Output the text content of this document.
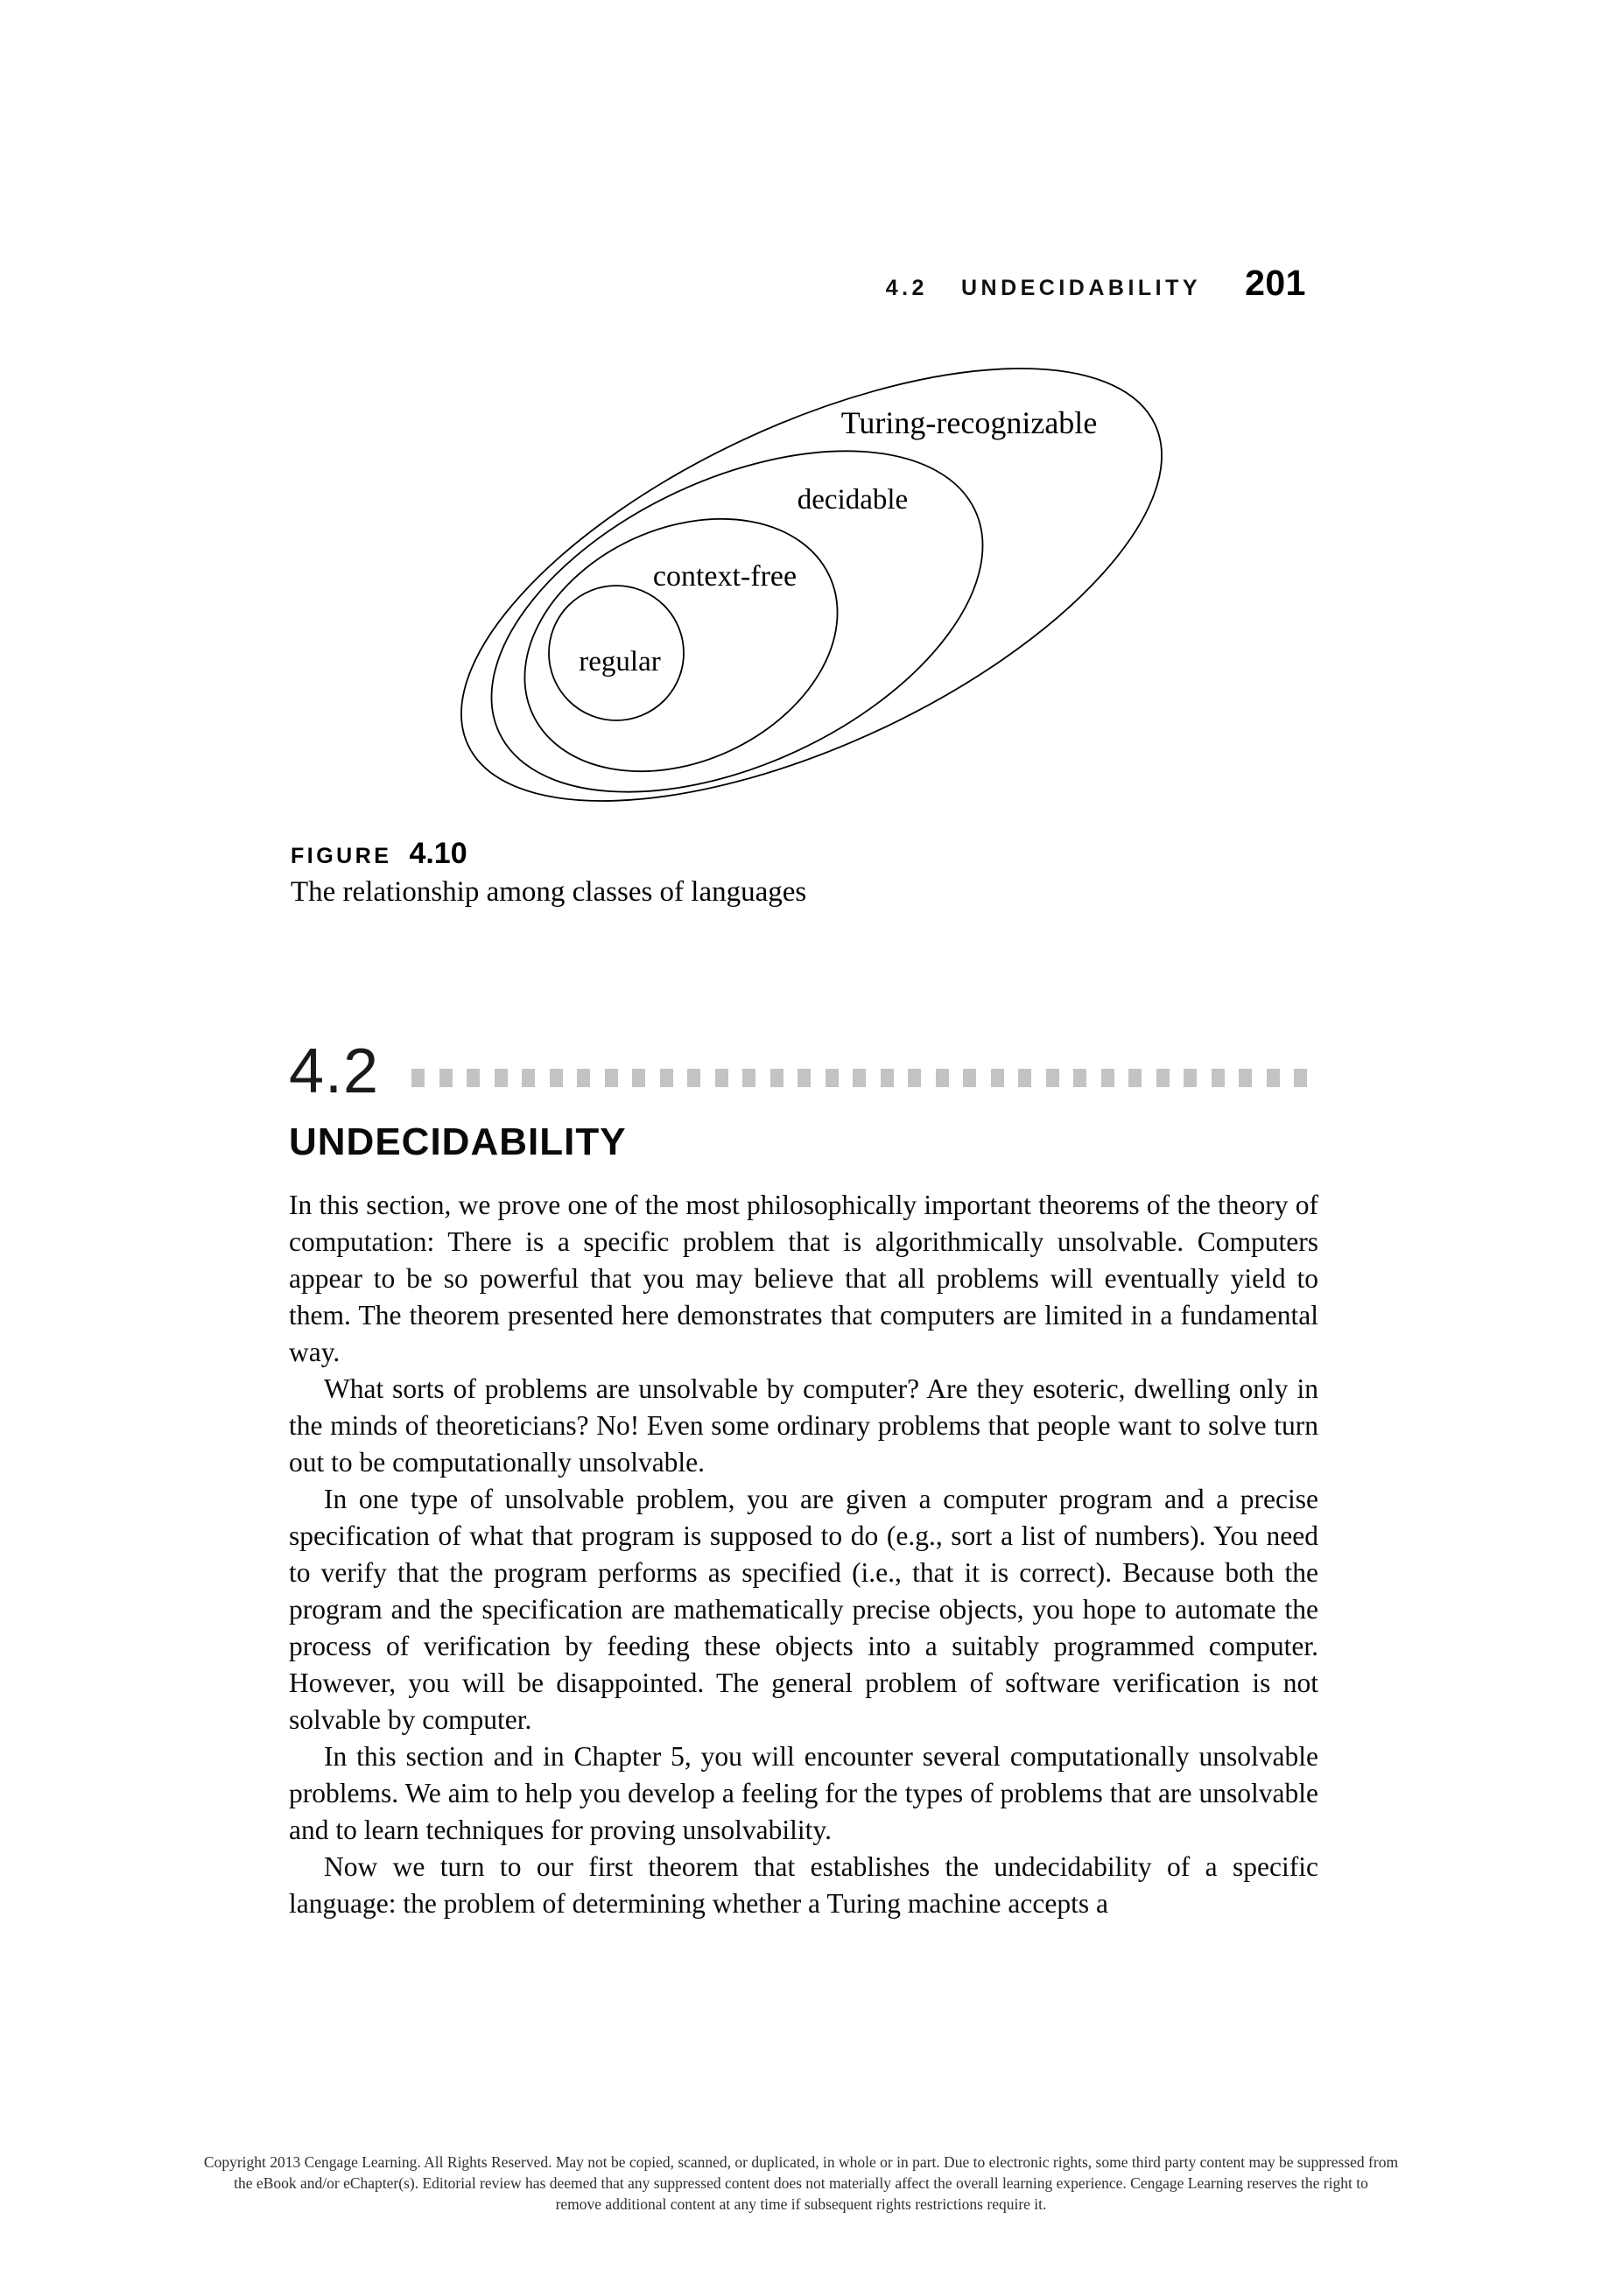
4.2 UNDECIDABILITY 201
Turing-recognizable
decidable
context-free
regular
FIGURE 4.10
The relationship among classes of languages
4.2
UNDECIDABILITY

In this section, we prove one of the most philosophically important theorems of the theory of computation: There is a specific problem that is algorithmically unsolvable. Computers appear to be so powerful that you may believe that all problems will eventually yield to them. The theorem presented here demonstrates that computers are limited in a fundamental way.

What sorts of problems are unsolvable by computer? Are they esoteric, dwelling only in the minds of theoreticians? No! Even some ordinary problems that people want to solve turn out to be computationally unsolvable.

In one type of unsolvable problem, you are given a computer program and a precise specification of what that program is supposed to do (e.g., sort a list of numbers). You need to verify that the program performs as specified (i.e., that it is correct). Because both the program and the specification are mathematically precise objects, you hope to automate the process of verification by feeding these objects into a suitably programmed computer. However, you will be disappointed. The general problem of software verification is not solvable by computer.

In this section and in Chapter 5, you will encounter several computationally unsolvable problems. We aim to help you develop a feeling for the types of problems that are unsolvable and to learn techniques for proving unsolvability.

Now we turn to our first theorem that establishes the undecidability of a specific language: the problem of determining whether a Turing machine accepts a

Copyright 2013 Cengage Learning. All Rights Reserved. May not be copied, scanned, or duplicated, in whole or in part. Due to electronic rights, some third party content may be suppressed from
the eBook and/or eChapter(s). Editorial review has deemed that any suppressed content does not materially affect the overall learning experience. Cengage Learning reserves the right to
remove additional content at any time if subsequent rights restrictions require it.
